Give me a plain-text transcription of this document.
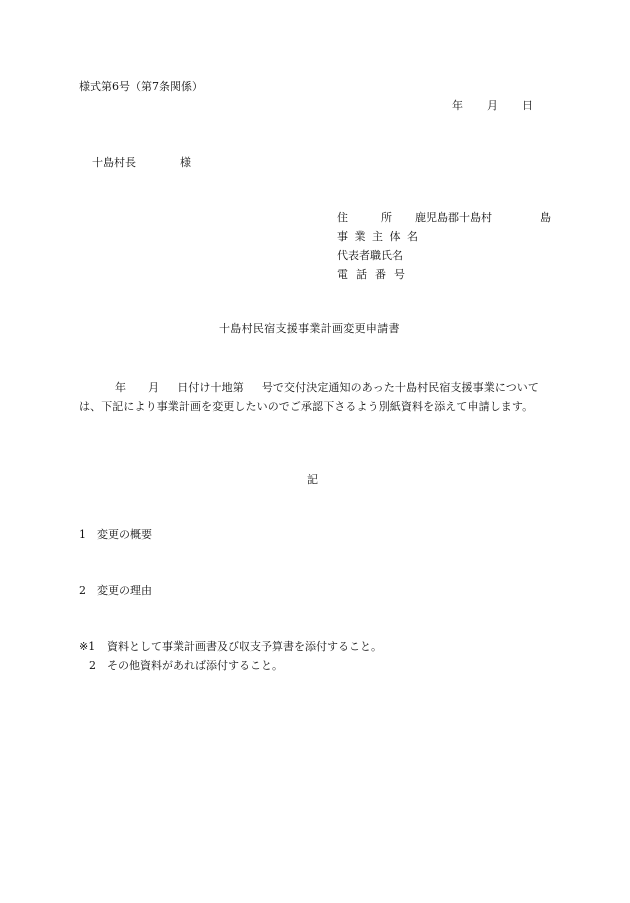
様式第6号（第7条関係）
年 月 日
十島村長	様
住　　　所 鹿児島郡十島村	島
事業主体名
代表者職氏名
電話番号
十島村民宿支援事業計画変更申請書
年 月 日付け十地第 号で交付決定通知のあった十島村民宿支援事業については、下記により事業計画を変更したいのでご承認下さるよう別紙資料を添えて申請します。
記
1 変更の概要
2 変更の理由
※1 資料として事業計画書及び収支予算書を添付すること。
2 その他資料があれば添付すること。
